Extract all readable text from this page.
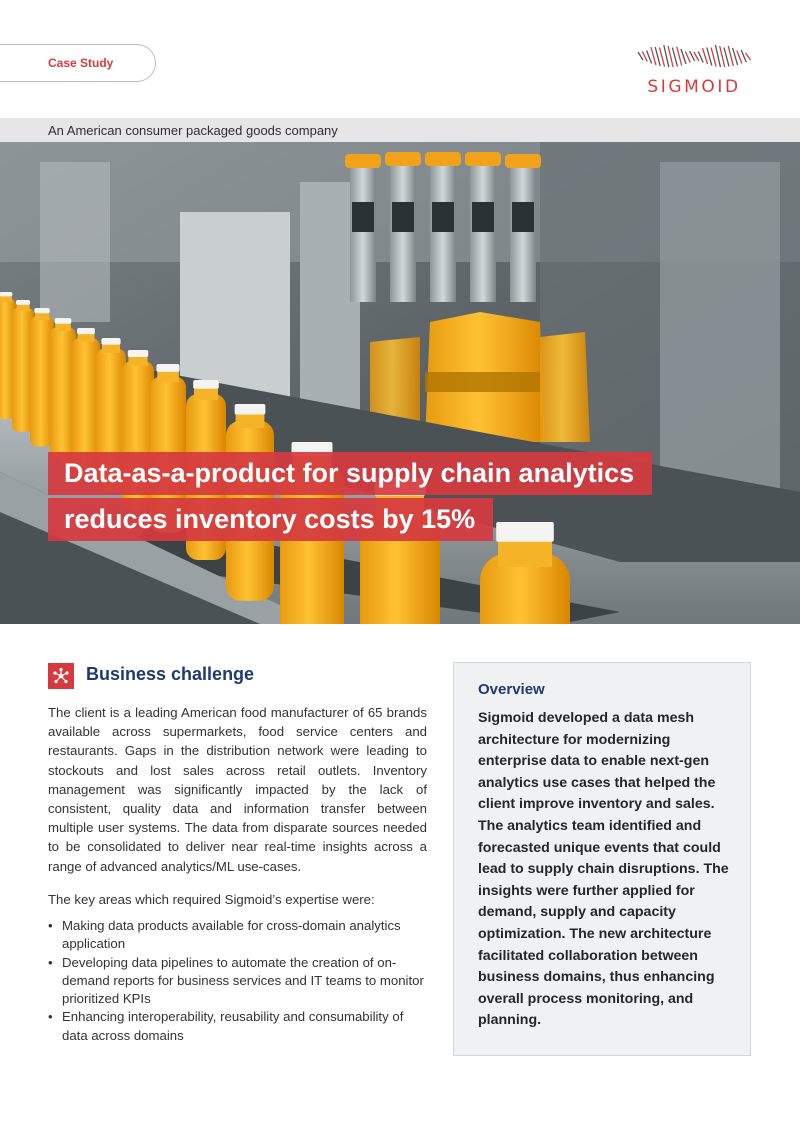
Case Study
SIGMOID
An American consumer packaged goods company
Data-as-a-product for supply chain analytics
reduces inventory costs by 15%
Business challenge

The client is a leading American food manufacturer of 65 brands available across supermarkets, food service centers and restaurants. Gaps in the distribution network were leading to stockouts and lost sales across retail outlets. Inventory management was significantly impacted by the lack of consistent, quality data and information transfer between multiple user systems. The data from disparate sources needed to be consolidated to deliver near real-time insights across a range of advanced analytics/ML use-cases.

The key areas which required Sigmoid’s expertise were:

• Making data products available for cross-domain analytics application
• Developing data pipelines to automate the creation of on-demand reports for business services and IT teams to monitor prioritized KPIs
• Enhancing interoperability, reusability and consumability of data across domains
Overview

Sigmoid developed a data mesh architecture for modernizing enterprise data to enable next-gen analytics use cases that helped the client improve inventory and sales. The analytics team identified and forecasted unique events that could lead to supply chain disruptions. The insights were further applied for demand, supply and capacity optimization. The new architecture facilitated collaboration between business domains, thus enhancing overall process monitoring, and planning.
